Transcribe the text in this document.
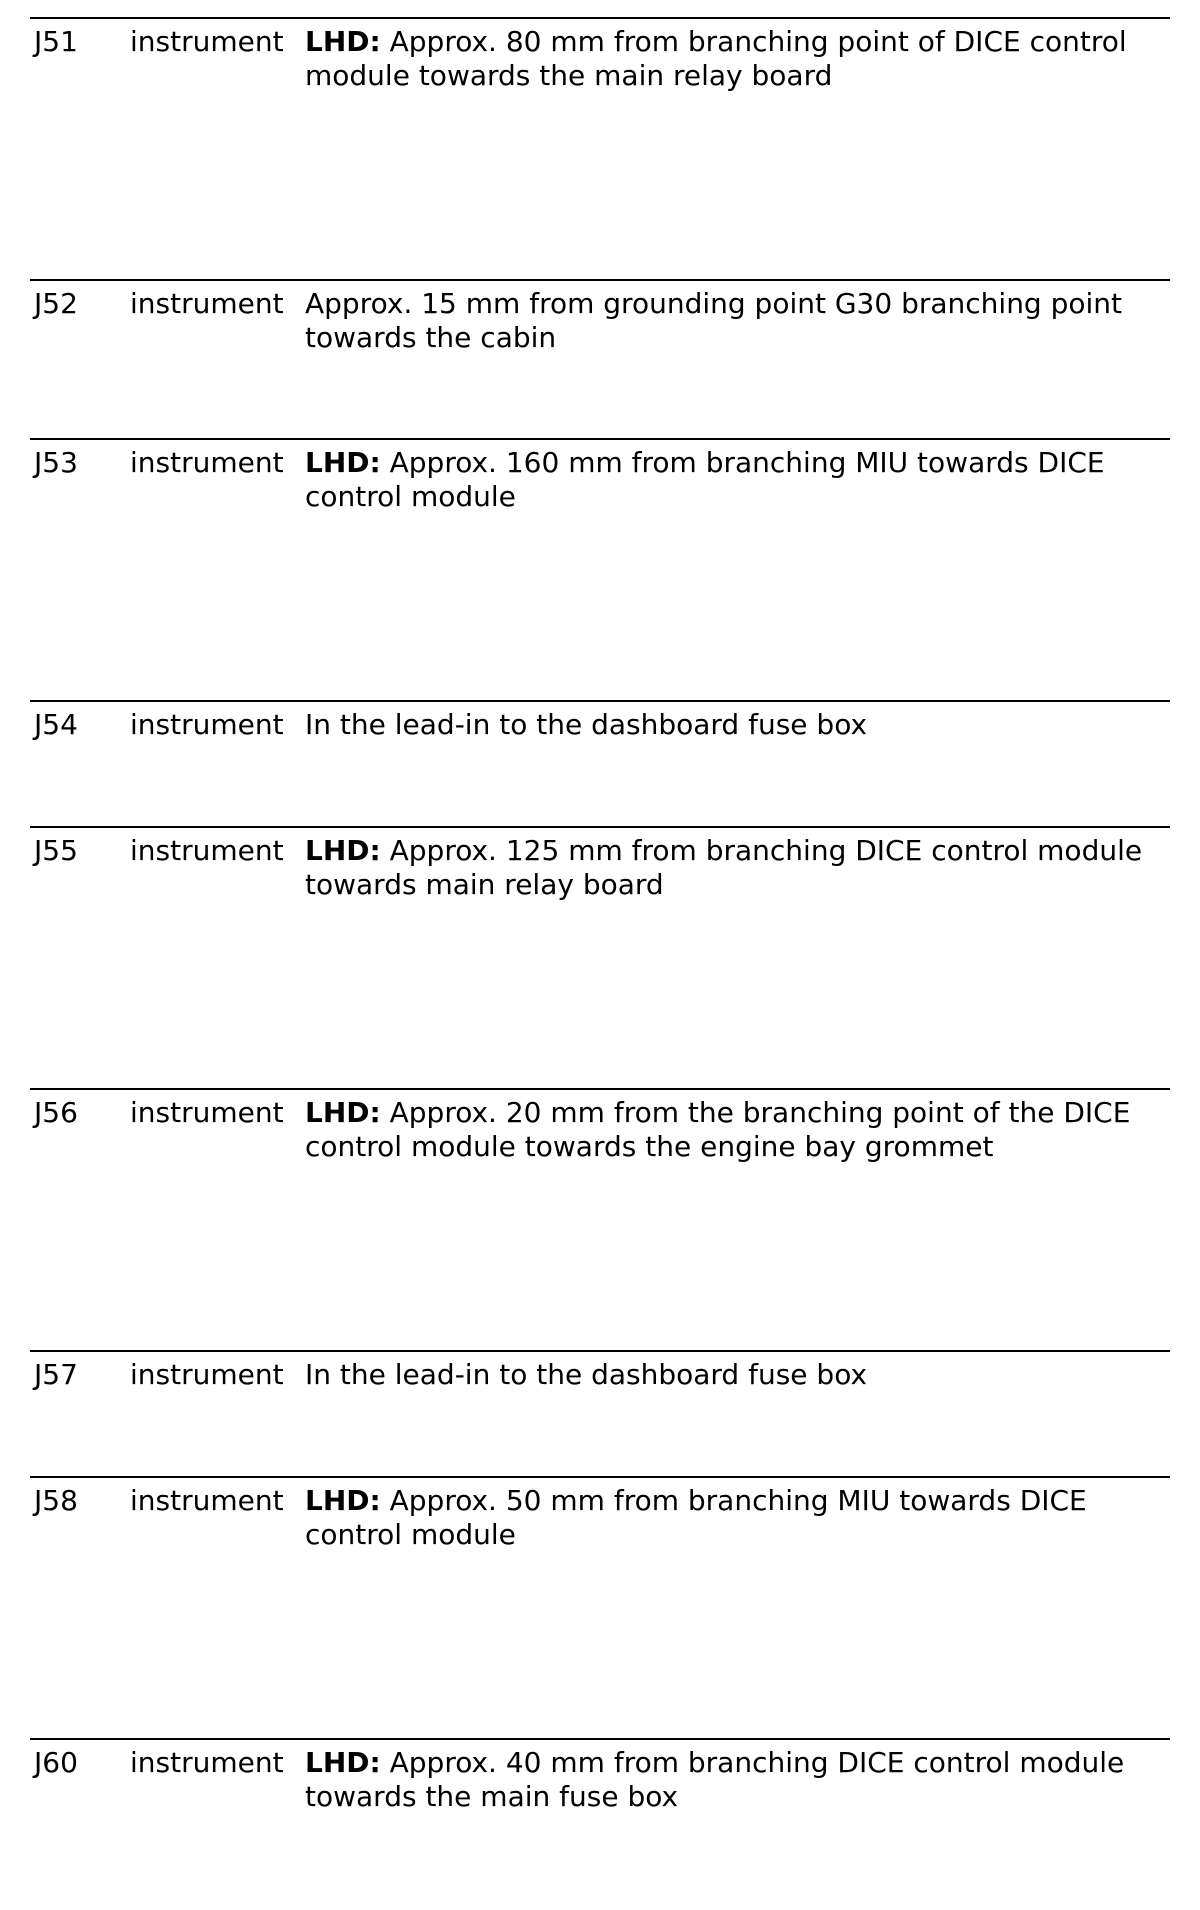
J51 instrument LHD: Approx. 80 mm from branching point of DICE control module towards the main relay board
J52 instrument Approx. 15 mm from grounding point G30 branching point towards the cabin
J53 instrument LHD: Approx. 160 mm from branching MIU towards DICE control module
J54 instrument In the lead-in to the dashboard fuse box
J55 instrument LHD: Approx. 125 mm from branching DICE control module towards main relay board
J56 instrument LHD: Approx. 20 mm from the branching point of the DICE control module towards the engine bay grommet
J57 instrument In the lead-in to the dashboard fuse box
J58 instrument LHD: Approx. 50 mm from branching MIU towards DICE control module
J60 instrument LHD: Approx. 40 mm from branching DICE control module towards the main fuse box
